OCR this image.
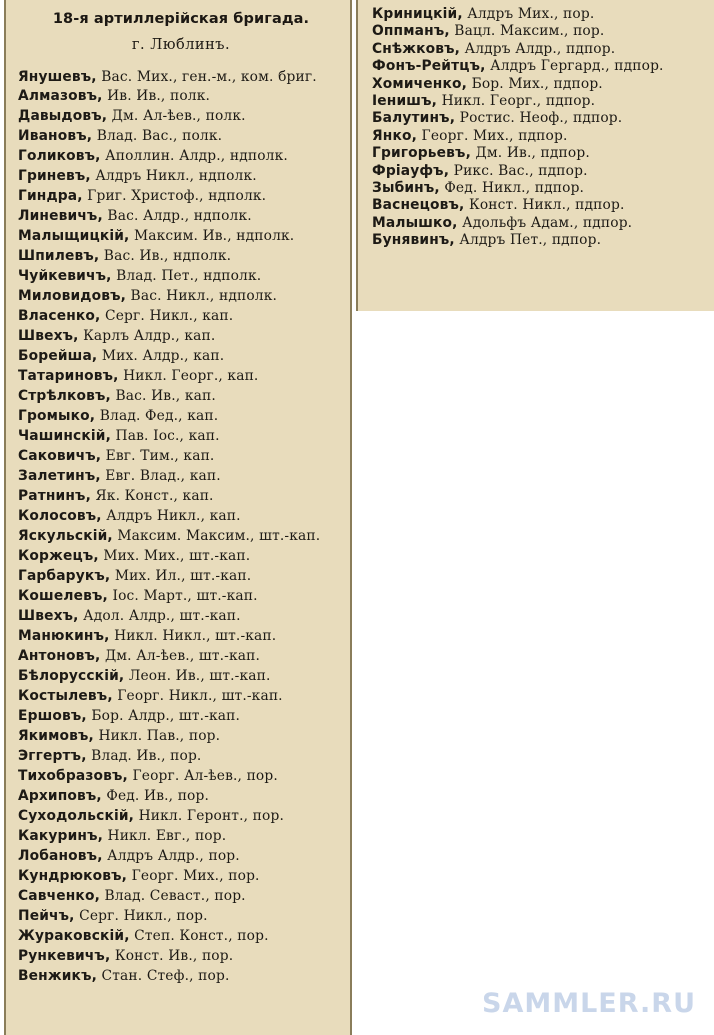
18-я артиллерійская бригада.
г. Люблинъ.
Янушевъ, Вас. Мих., ген.-м., ком. бриг.
Алмазовъ, Ив. Ив., полк.
Давыдовъ, Дм. Ал-ѣев., полк.
Ивановъ, Влад. Вас., полк.
Голиковъ, Аполлин. Алдр., ндполк.
Гриневъ, Алдръ Никл., ндполк.
Гиндра, Григ. Христоф., ндполк.
Линевичъ, Вас. Алдр., ндполк.
Малыщицкій, Максим. Ив., ндполк.
Шпилевъ, Вас. Ив., ндполк.
Чуйкевичъ, Влад. Пет., ндполк.
Миловидовъ, Вас. Никл., ндполк.
Власенко, Серг. Никл., кап.
Швехъ, Карлъ Алдр., кап.
Борейша, Мих. Алдр., кап.
Татариновъ, Никл. Георг., кап.
Стрѣлковъ, Вас. Ив., кап.
Громыко, Влад. Фед., кап.
Чашинскій, Пав. Іос., кап.
Саковичъ, Евг. Тим., кап.
Залетинъ, Евг. Влад., кап.
Ратнинъ, Як. Конст., кап.
Колосовъ, Алдръ Никл., кап.
Яскульскій, Максим. Максим., шт.-кап.
Коржецъ, Мих. Мих., шт.-кап.
Гарбарукъ, Мих. Ил., шт.-кап.
Кошелевъ, Іос. Март., шт.-кап.
Швехъ, Адол. Алдр., шт.-кап.
Манюкинъ, Никл. Никл., шт.-кап.
Антоновъ, Дм. Ал-ѣев., шт.-кап.
Бѣлорусскій, Леон. Ив., шт.-кап.
Костылевъ, Георг. Никл., шт.-кап.
Ершовъ, Бор. Алдр., шт.-кап.
Якимовъ, Никл. Пав., пор.
Эггертъ, Влад. Ив., пор.
Тихобразовъ, Георг. Ал-ѣев., пор.
Архиповъ, Фед. Ив., пор.
Суходольскій, Никл. Геронт., пор.
Какуринъ, Никл. Евг., пор.
Лобановъ, Алдръ Алдр., пор.
Кундрюковъ, Георг. Мих., пор.
Савченко, Влад. Севаст., пор.
Пейчъ, Серг. Никл., пор.
Жураковскій, Степ. Конст., пор.
Рункевичъ, Конст. Ив., пор.
Венжикъ, Стан. Стеф., пор.
Криницкій, Алдръ Мих., пор.
Оппманъ, Вацл. Максим., пор.
Снѣжковъ, Алдръ Алдр., пдпор.
Фонъ-Рейтцъ, Алдръ Гергард., пдпор.
Хомиченко, Бор. Мих., пдпор.
Іенишъ, Никл. Георг., пдпор.
Балутинъ, Ростис. Неоф., пдпор.
Янко, Георг. Мих., пдпор.
Григорьевъ, Дм. Ив., пдпор.
Фріауфъ, Рикс. Вас., пдпор.
Зыбинъ, Фед. Никл., пдпор.
Васнецовъ, Конст. Никл., пдпор.
Малышко, Адольфъ Адам., пдпор.
Бунявинъ, Алдръ Пет., пдпор.
SAMMLER.RU
